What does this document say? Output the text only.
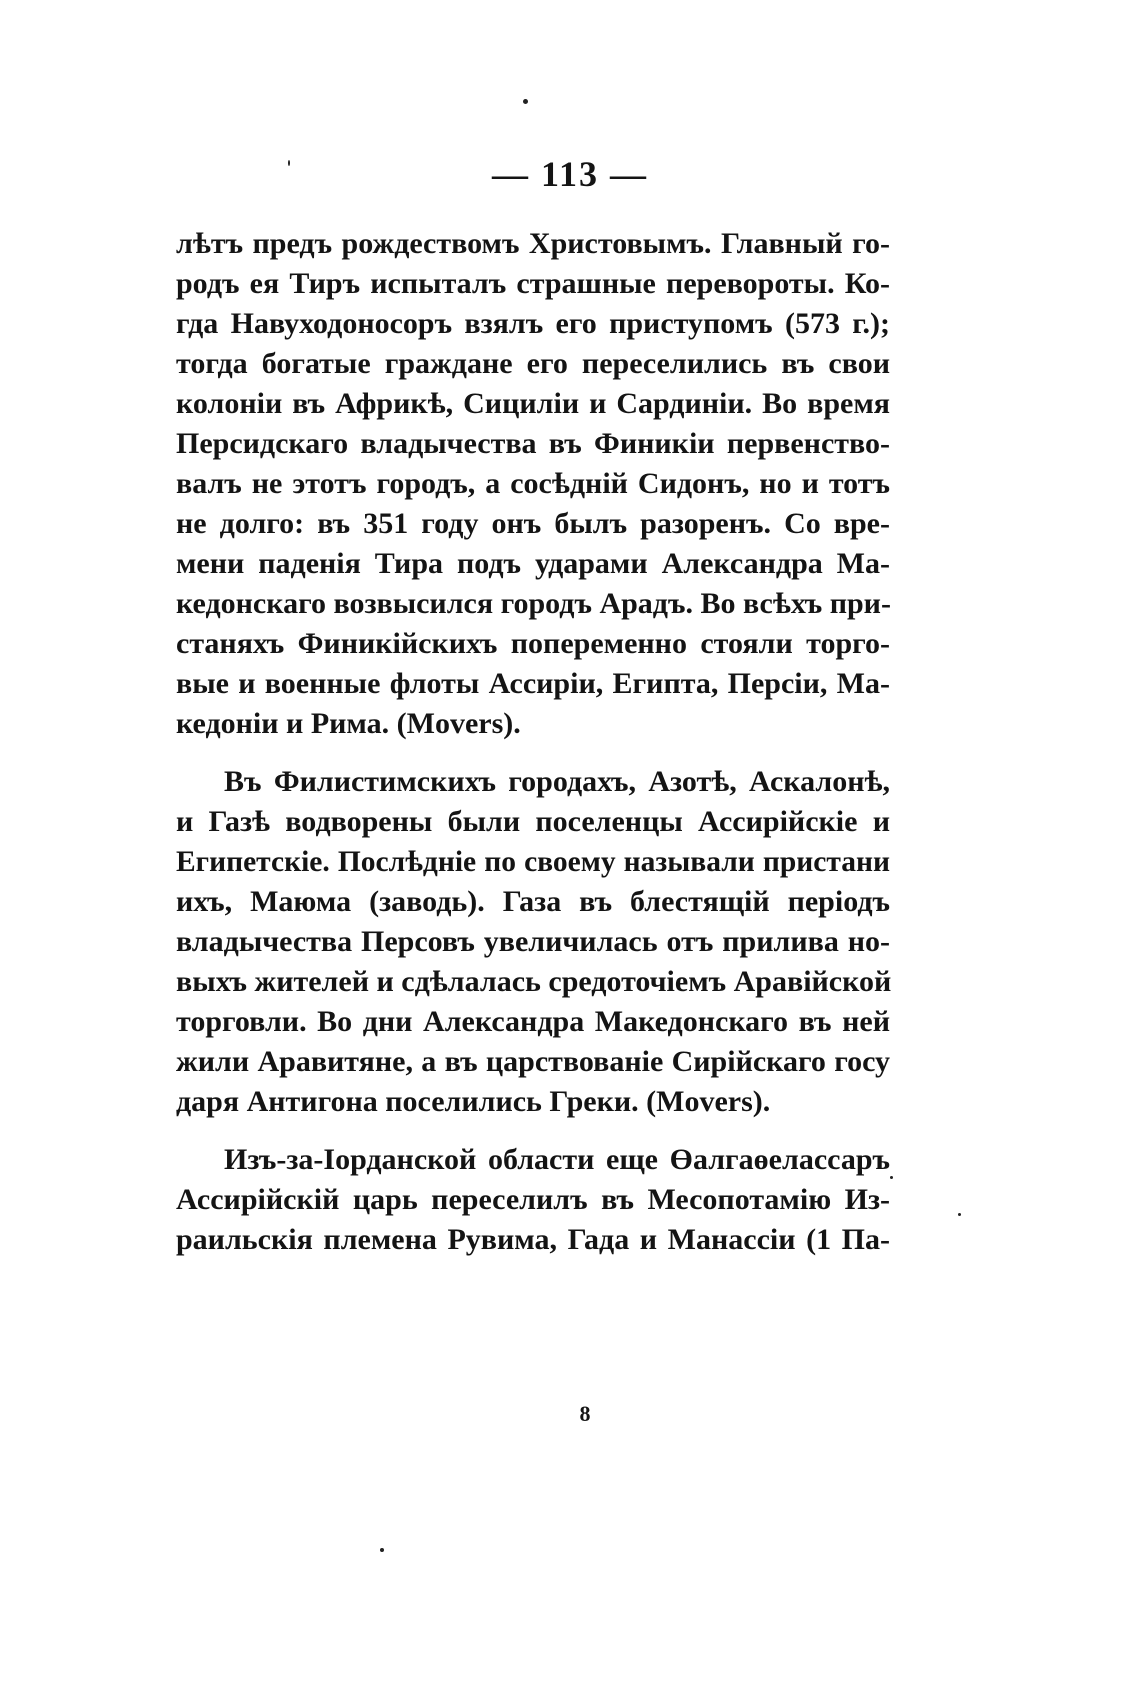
— 113 —
лѣтъ предъ рождествомъ Христовымъ. Главный го-
родъ ея Тиръ испыталъ страшные перевороты. Ко-
гда Навуходоносоръ взялъ его приступомъ (573 г.);
тогда богатые граждане его переселились въ свои
колоніи въ Африкѣ, Сициліи и Сардиніи. Во время
Персидскаго владычества въ Финикіи первенство-
валъ не этотъ городъ, а сосѣдній Сидонъ, но и тотъ
не долго: въ 351 году онъ былъ разоренъ. Со вре-
мени паденія Тира подъ ударами Александра Ма-
кедонскаго возвысился городъ Арадъ. Во всѣхъ при-
станяхъ Финикійскихъ попеременно стояли торго-
вые и военные флоты Ассиріи, Египта, Персіи, Ма-
кедоніи и Рима. (Movers).
Въ Филистимскихъ городахъ, Азотѣ, Аскалонѣ,
и Газѣ водворены были поселенцы Ассирійскіе и
Египетскіе. Послѣдніе по своему называли пристани
ихъ, Маюма (заводь). Газа въ блестящій періодъ
владычества Персовъ увеличилась отъ прилива но-
выхъ жителей и сдѣлалась средоточіемъ Аравійской
торговли. Во дни Александра Македонскаго въ ней
жили Аравитяне, а въ царствованіе Сирійскаго госу
даря Антигона поселились Греки. (Movers).
Изъ-за-Іорданской области еще Өалгаөелассаръ
Ассирійскій царь переселилъ въ Месопотамію Из-
раильскія племена Рувима, Гада и Манассіи (1 Па-
8
